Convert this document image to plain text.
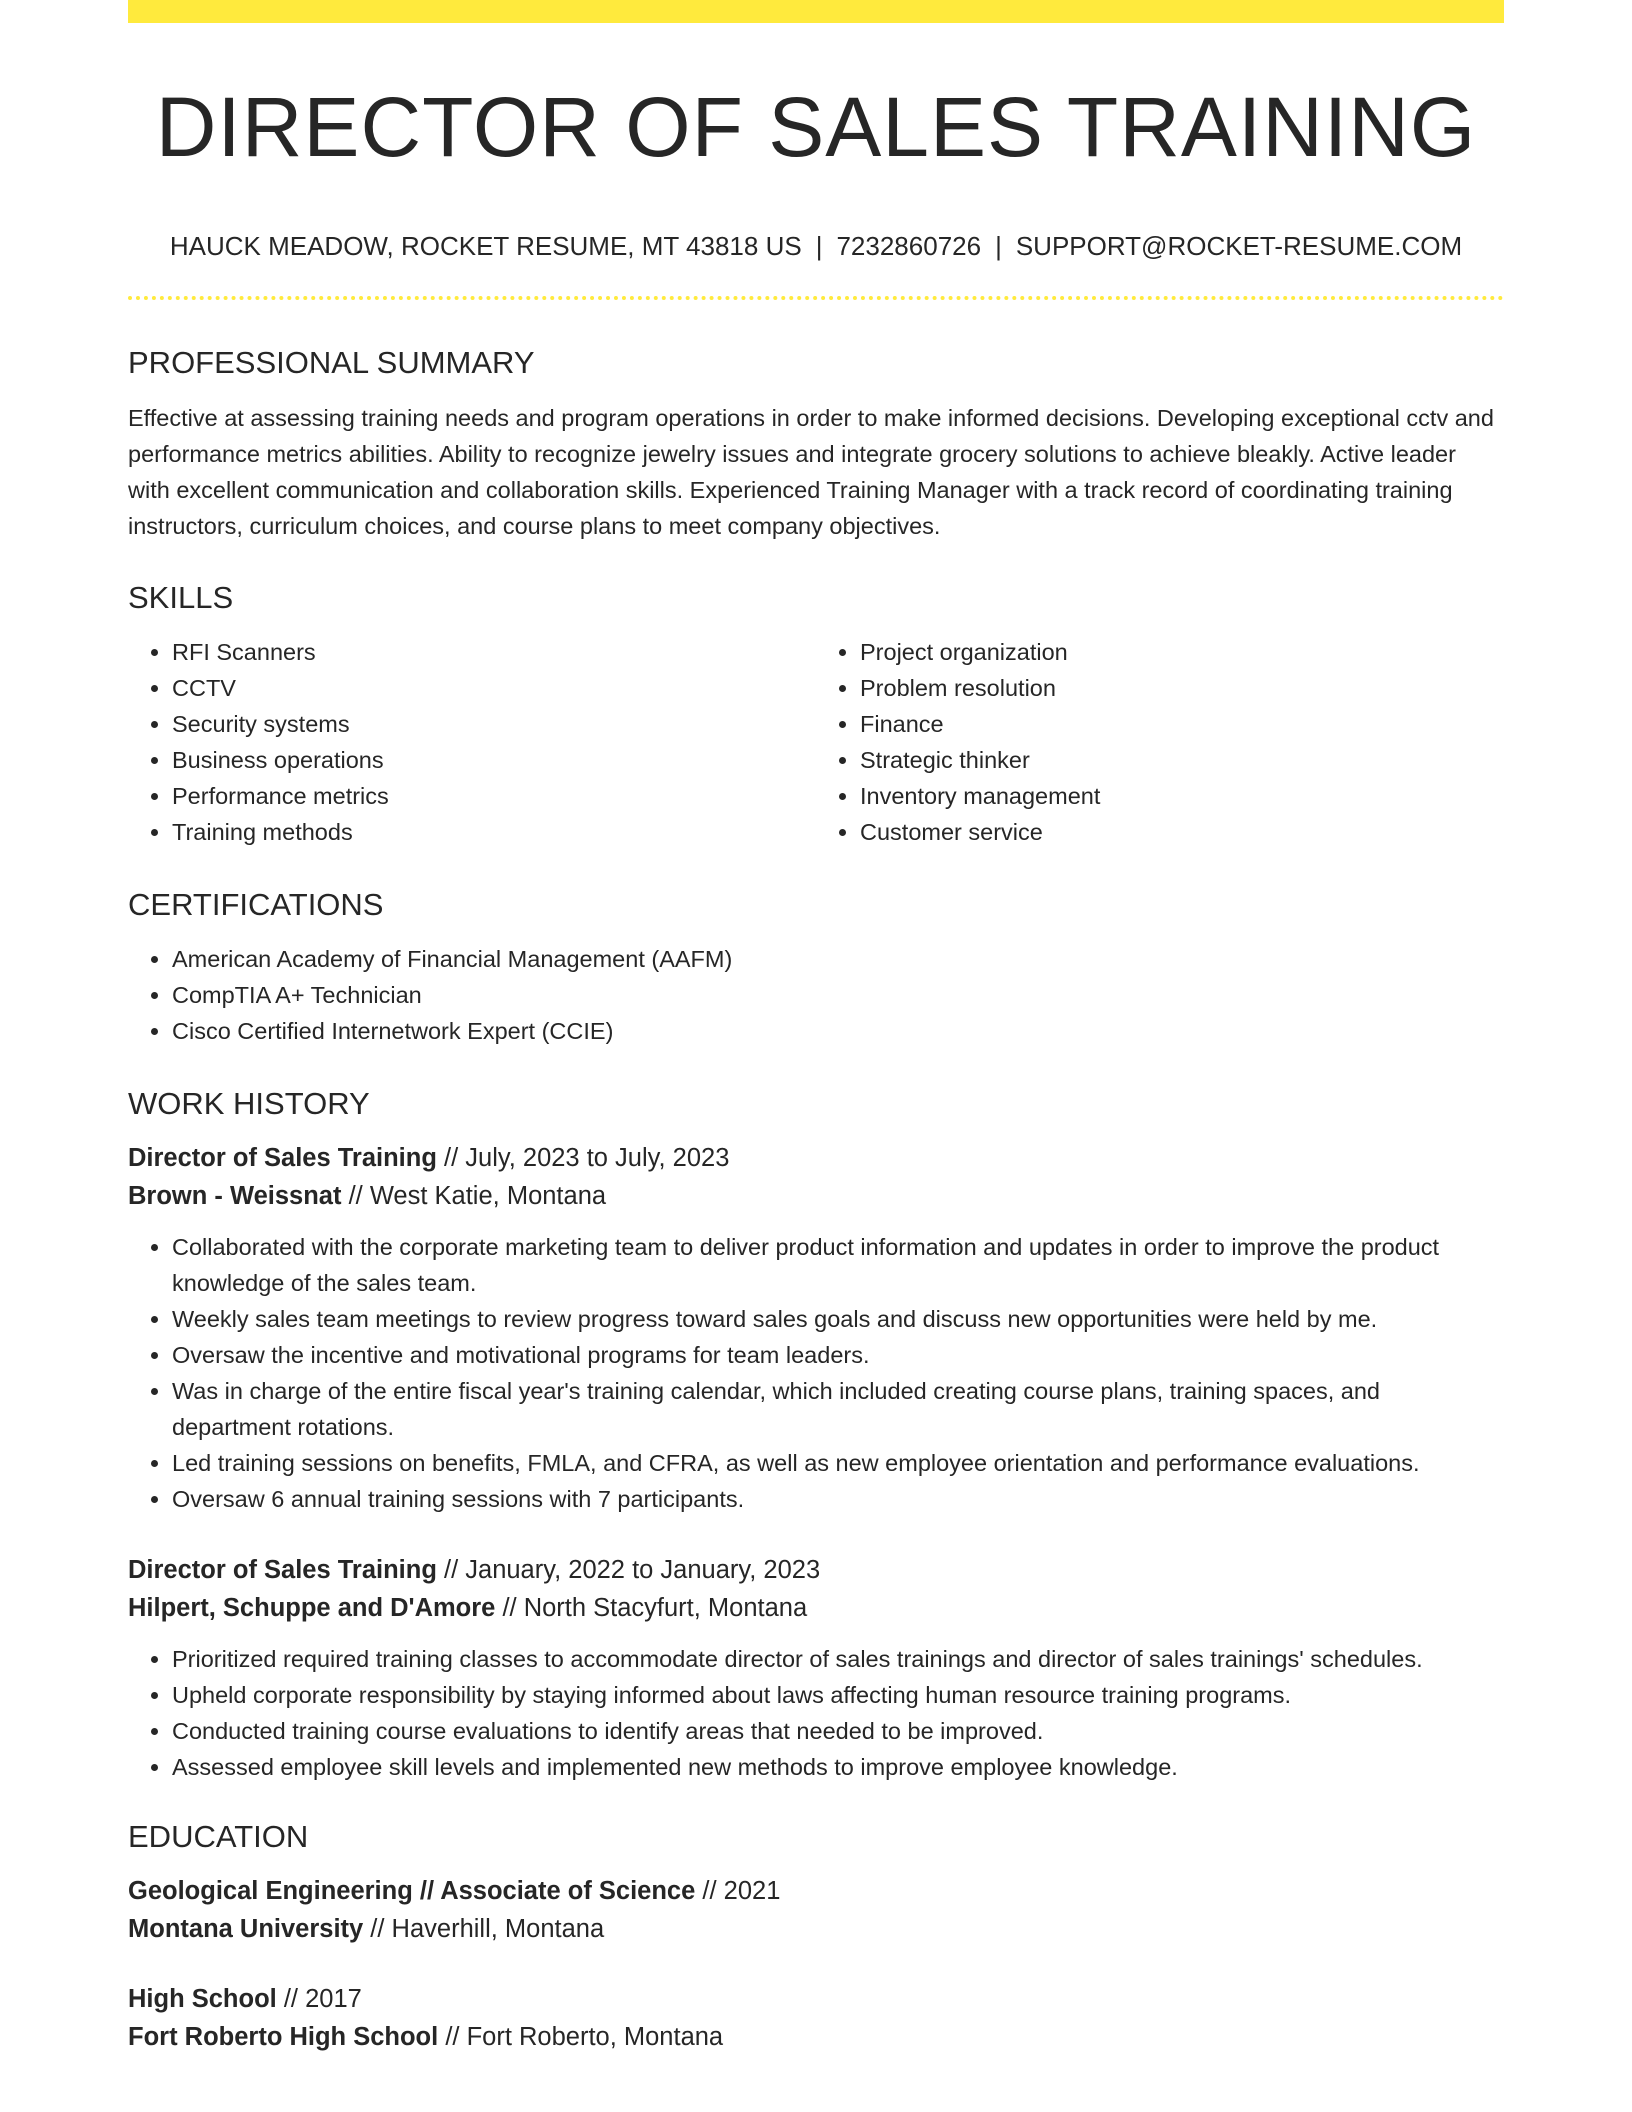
DIRECTOR OF SALES TRAINING
HAUCK MEADOW, ROCKET RESUME, MT 43818 US | 7232860726 | SUPPORT@ROCKET-RESUME.COM
PROFESSIONAL SUMMARY

Effective at assessing training needs and program operations in order to make informed decisions. Developing exceptional cctv and performance metrics abilities. Ability to recognize jewelry issues and integrate grocery solutions to achieve bleakly. Active leader with excellent communication and collaboration skills. Experienced Training Manager with a track record of coordinating training instructors, curriculum choices, and course plans to meet company objectives.

SKILLS
• RFI Scanners
• CCTV
• Security systems
• Business operations
• Performance metrics
• Training methods
• Project organization
• Problem resolution
• Finance
• Strategic thinker
• Inventory management
• Customer service
CERTIFICATIONS
• American Academy of Financial Management (AAFM)
• CompTIA A+ Technician
• Cisco Certified Internetwork Expert (CCIE)
WORK HISTORY

Director of Sales Training // July, 2023 to July, 2023

Brown - Weissnat // West Katie, Montana

• Collaborated with the corporate marketing team to deliver product information and updates in order to improve the product knowledge of the sales team.
• Weekly sales team meetings to review progress toward sales goals and discuss new opportunities were held by me.
• Oversaw the incentive and motivational programs for team leaders.
• Was in charge of the entire fiscal year's training calendar, which included creating course plans, training spaces, and department rotations.
• Led training sessions on benefits, FMLA, and CFRA, as well as new employee orientation and performance evaluations.
• Oversaw 6 annual training sessions with 7 participants.

Director of Sales Training // January, 2022 to January, 2023

Hilpert, Schuppe and D'Amore // North Stacyfurt, Montana

• Prioritized required training classes to accommodate director of sales trainings and director of sales trainings' schedules.
• Upheld corporate responsibility by staying informed about laws affecting human resource training programs.
• Conducted training course evaluations to identify areas that needed to be improved.
• Assessed employee skill levels and implemented new methods to improve employee knowledge.
EDUCATION

Geological Engineering // Associate of Science // 2021

Montana University // Haverhill, Montana

High School // 2017

Fort Roberto High School // Fort Roberto, Montana
